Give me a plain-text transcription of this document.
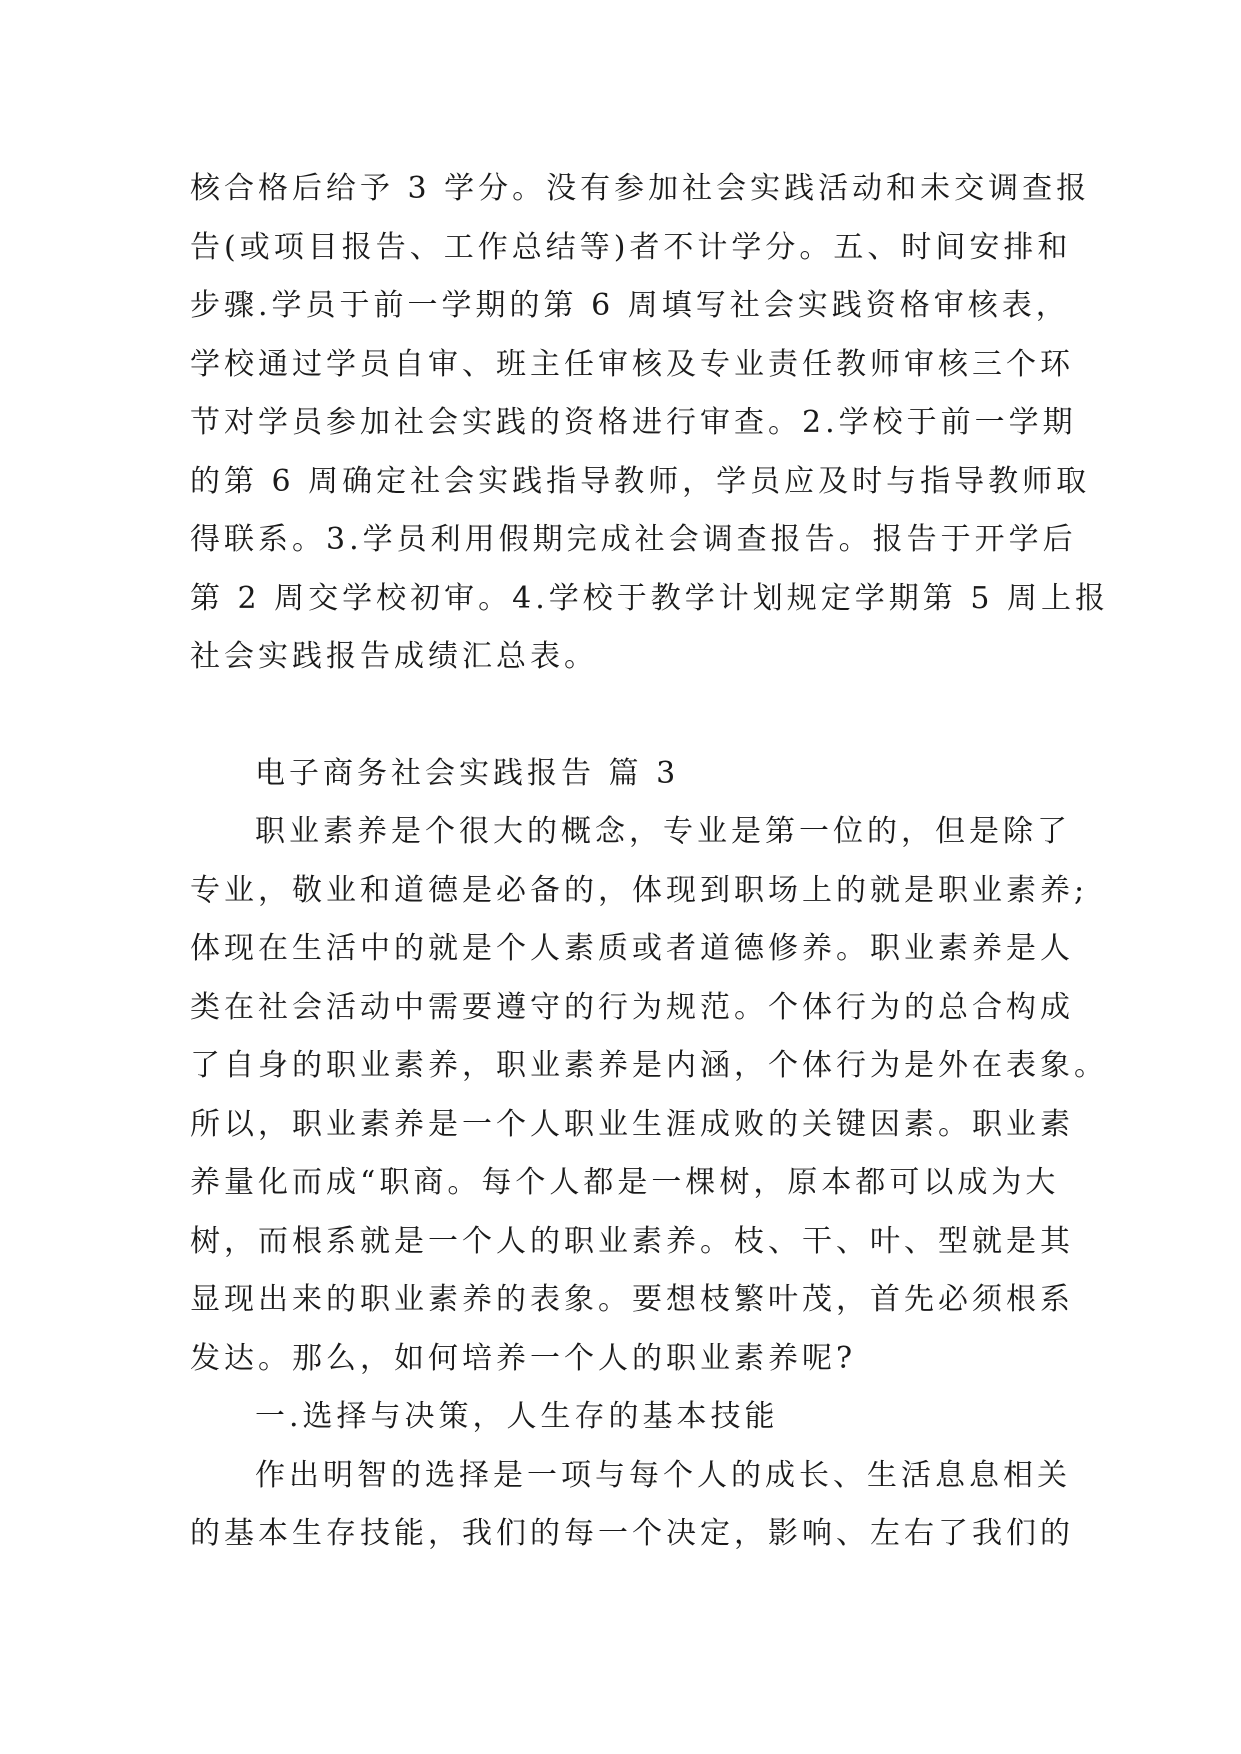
核合格后给予 3 学分。没有参加社会实践活动和未交调查报
告(或项目报告、工作总结等)者不计学分。五、时间安排和
步骤.学员于前一学期的第 6 周填写社会实践资格审核表，
学校通过学员自审、班主任审核及专业责任教师审核三个环
节对学员参加社会实践的资格进行审查。2.学校于前一学期
的第 6 周确定社会实践指导教师，学员应及时与指导教师取
得联系。3.学员利用假期完成社会调查报告。报告于开学后
第 2 周交学校初审。4.学校于教学计划规定学期第 5 周上报
社会实践报告成绩汇总表。
电子商务社会实践报告 篇 3
职业素养是个很大的概念，专业是第一位的，但是除了
专业，敬业和道德是必备的，体现到职场上的就是职业素养;
体现在生活中的就是个人素质或者道德修养。职业素养是人
类在社会活动中需要遵守的行为规范。个体行为的总合构成
了自身的职业素养，职业素养是内涵，个体行为是外在表象。
所以，职业素养是一个人职业生涯成败的关键因素。职业素
养量化而成“职商。每个人都是一棵树，原本都可以成为大
树，而根系就是一个人的职业素养。枝、干、叶、型就是其
显现出来的职业素养的表象。要想枝繁叶茂，首先必须根系
发达。那么，如何培养一个人的职业素养呢?
一.选择与决策，人生存的基本技能
作出明智的选择是一项与每个人的成长、生活息息相关
的基本生存技能，我们的每一个决定，影响、左右了我们的
